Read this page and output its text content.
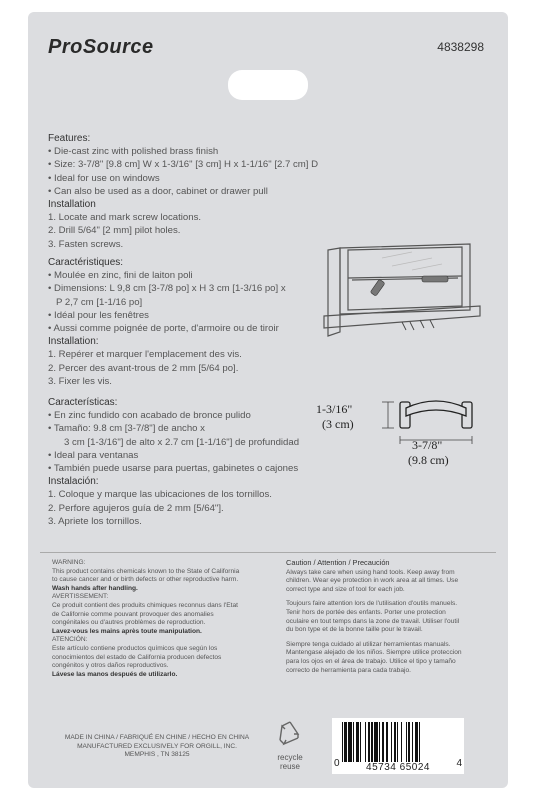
ProSource	4838298
Features:
• Die-cast zinc with polished brass finish
• Size: 3-7/8" [9.8 cm] W x 1-3/16" [3 cm] H x 1-1/16" [2.7 cm] D
• Ideal for use on windows
• Can also be used as a door, cabinet or drawer pull
Installation
1. Locate and mark screw locations.
2. Drill 5/64" [2 mm] pilot holes.
3. Fasten screws.
Caractéristiques:
• Moulée en zinc, fini de laiton poli
• Dimensions: L 9,8 cm [3-7/8 po] x H 3 cm [1-3/16 po] x
P 2,7 cm [1-1/16 po]
• Idéal pour les fenêtres
• Aussi comme poignée de porte, d'armoire ou de tiroir
Installation:
1. Repérer et marquer l'emplacement des vis.
2. Percer des avant-trous de 2 mm [5/64 po].
3. Fixer les vis.
Características:
• En zinc fundido con acabado de bronce pulido
• Tamaño: 9.8 cm [3-7/8"] de ancho x
3 cm [1-3/16"] de alto x 2.7 cm [1-1/16"] de profundidad
• Ideal para ventanas
• También puede usarse para puertas, gabinetes o cajones
Instalación:
1. Coloque y marque las ubicaciones de los tornillos.
2. Perfore agujeros guía de 2 mm [5/64"].
3. Apriete los tornillos.
1-3/16"
(3 cm)
3-7/8"
(9.8 cm)
WARNING:
This product contains chemicals known to the State of California
to cause cancer and or birth defects or other reproductive harm.
Wash hands after handling.
AVERTISSEMENT:
Ce produit contient des produits chimiques reconnus dans l'Etat
de Californie comme pouvant provoquer des anomalies
congénitales ou d'autres problèmes de reproduction.
Lavez-vous les mains après toute manipulation.
ATENCIÓN:
Este artículo contiene productos químicos que según los
conocimientos del estado de California producen defectos
congénitos y otros daños reproductivos.
Lávese las manos después de utilizarlo.
Caution / Attention / Precaución
Always take care when using hand tools. Keep away from
children. Wear eye protection in work area at all times. Use
correct type and size of tool for each job.
Toujours faire attention lors de l'utilisation d'outils manuels.
Tenir hors de portée des enfants. Porter une protection
oculaire en tout temps dans la zone de travail. Utiliser l'outil
du bon type et de la bonne taille pour le travail.
Siempre tenga cuidado al utilizar herramientas manuals.
Mantengase alejado de los niños. Siempre utilice proteccion
para los ojos en el área de trabajo. Utilice el tipo y tamaño
correcto de herramienta para cada trabajo.
MADE IN CHINA / FABRIQUÉ EN CHINE / HECHO EN CHINA
MANUFACTURED EXCLUSIVELY FOR ORGILL, INC.
MEMPHIS , TN 38125	recycle
reuse	0	45734 65024	4
